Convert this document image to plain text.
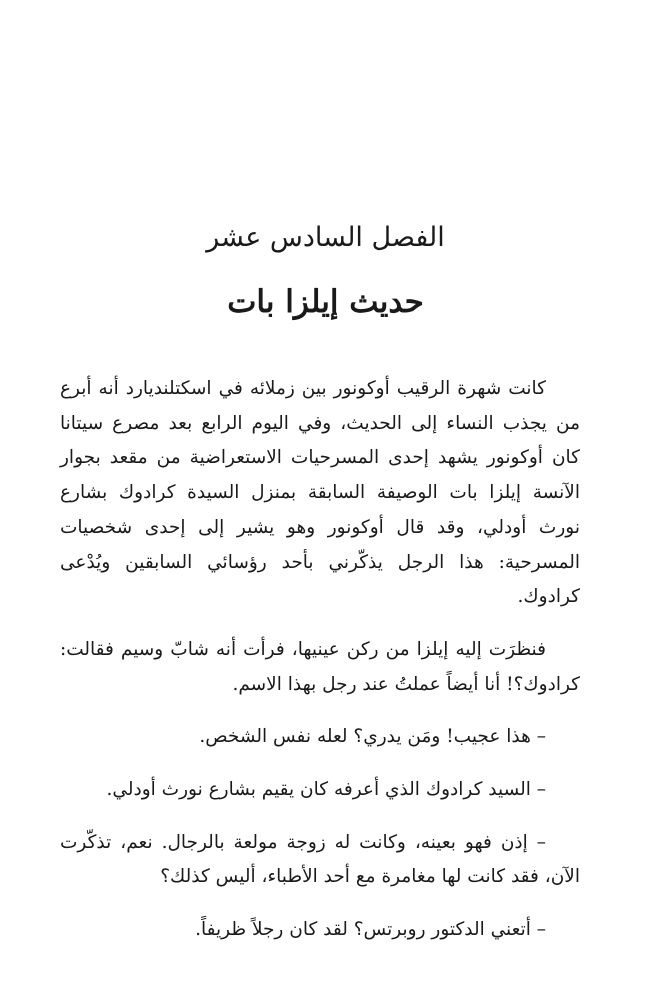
الفصل السادس عشر
حديث إيلزا بات

كانت شهرة الرقيب أوكونور بين زملائه في اسكتلنديارد أنه أبرع من يجذب النساء إلى الحديث، وفي اليوم الرابع بعد مصرع سيتانا كان أوكونور يشهد إحدى المسرحيات الاستعراضية من مقعد بجوار الآنسة إيلزا بات الوصيفة السابقة بمنزل السيدة كرادوك بشارع نورث أودلي، وقد قال أوكونور وهو يشير إلى إحدى شخصيات المسرحية: هذا الرجل يذكّرني بأحد رؤسائي السابقين ويُدْعى كرادوك.

فنظرَت إليه إيلزا من ركن عينيها، فرأت أنه شابّ وسيم فقالت: كرادوك؟! أنا أيضاً عملتُ عند رجل بهذا الاسم.

– هذا عجيب! ومَن يدري؟ لعله نفس الشخص.

– السيد كرادوك الذي أعرفه كان يقيم بشارع نورث أودلي.

– إذن فهو بعينه، وكانت له زوجة مولعة بالرجال. نعم، تذكّرت الآن، فقد كانت لها مغامرة مع أحد الأطباء، أليس كذلك؟

– أتعني الدكتور روبرتس؟ لقد كان رجلاً ظريفاً.
